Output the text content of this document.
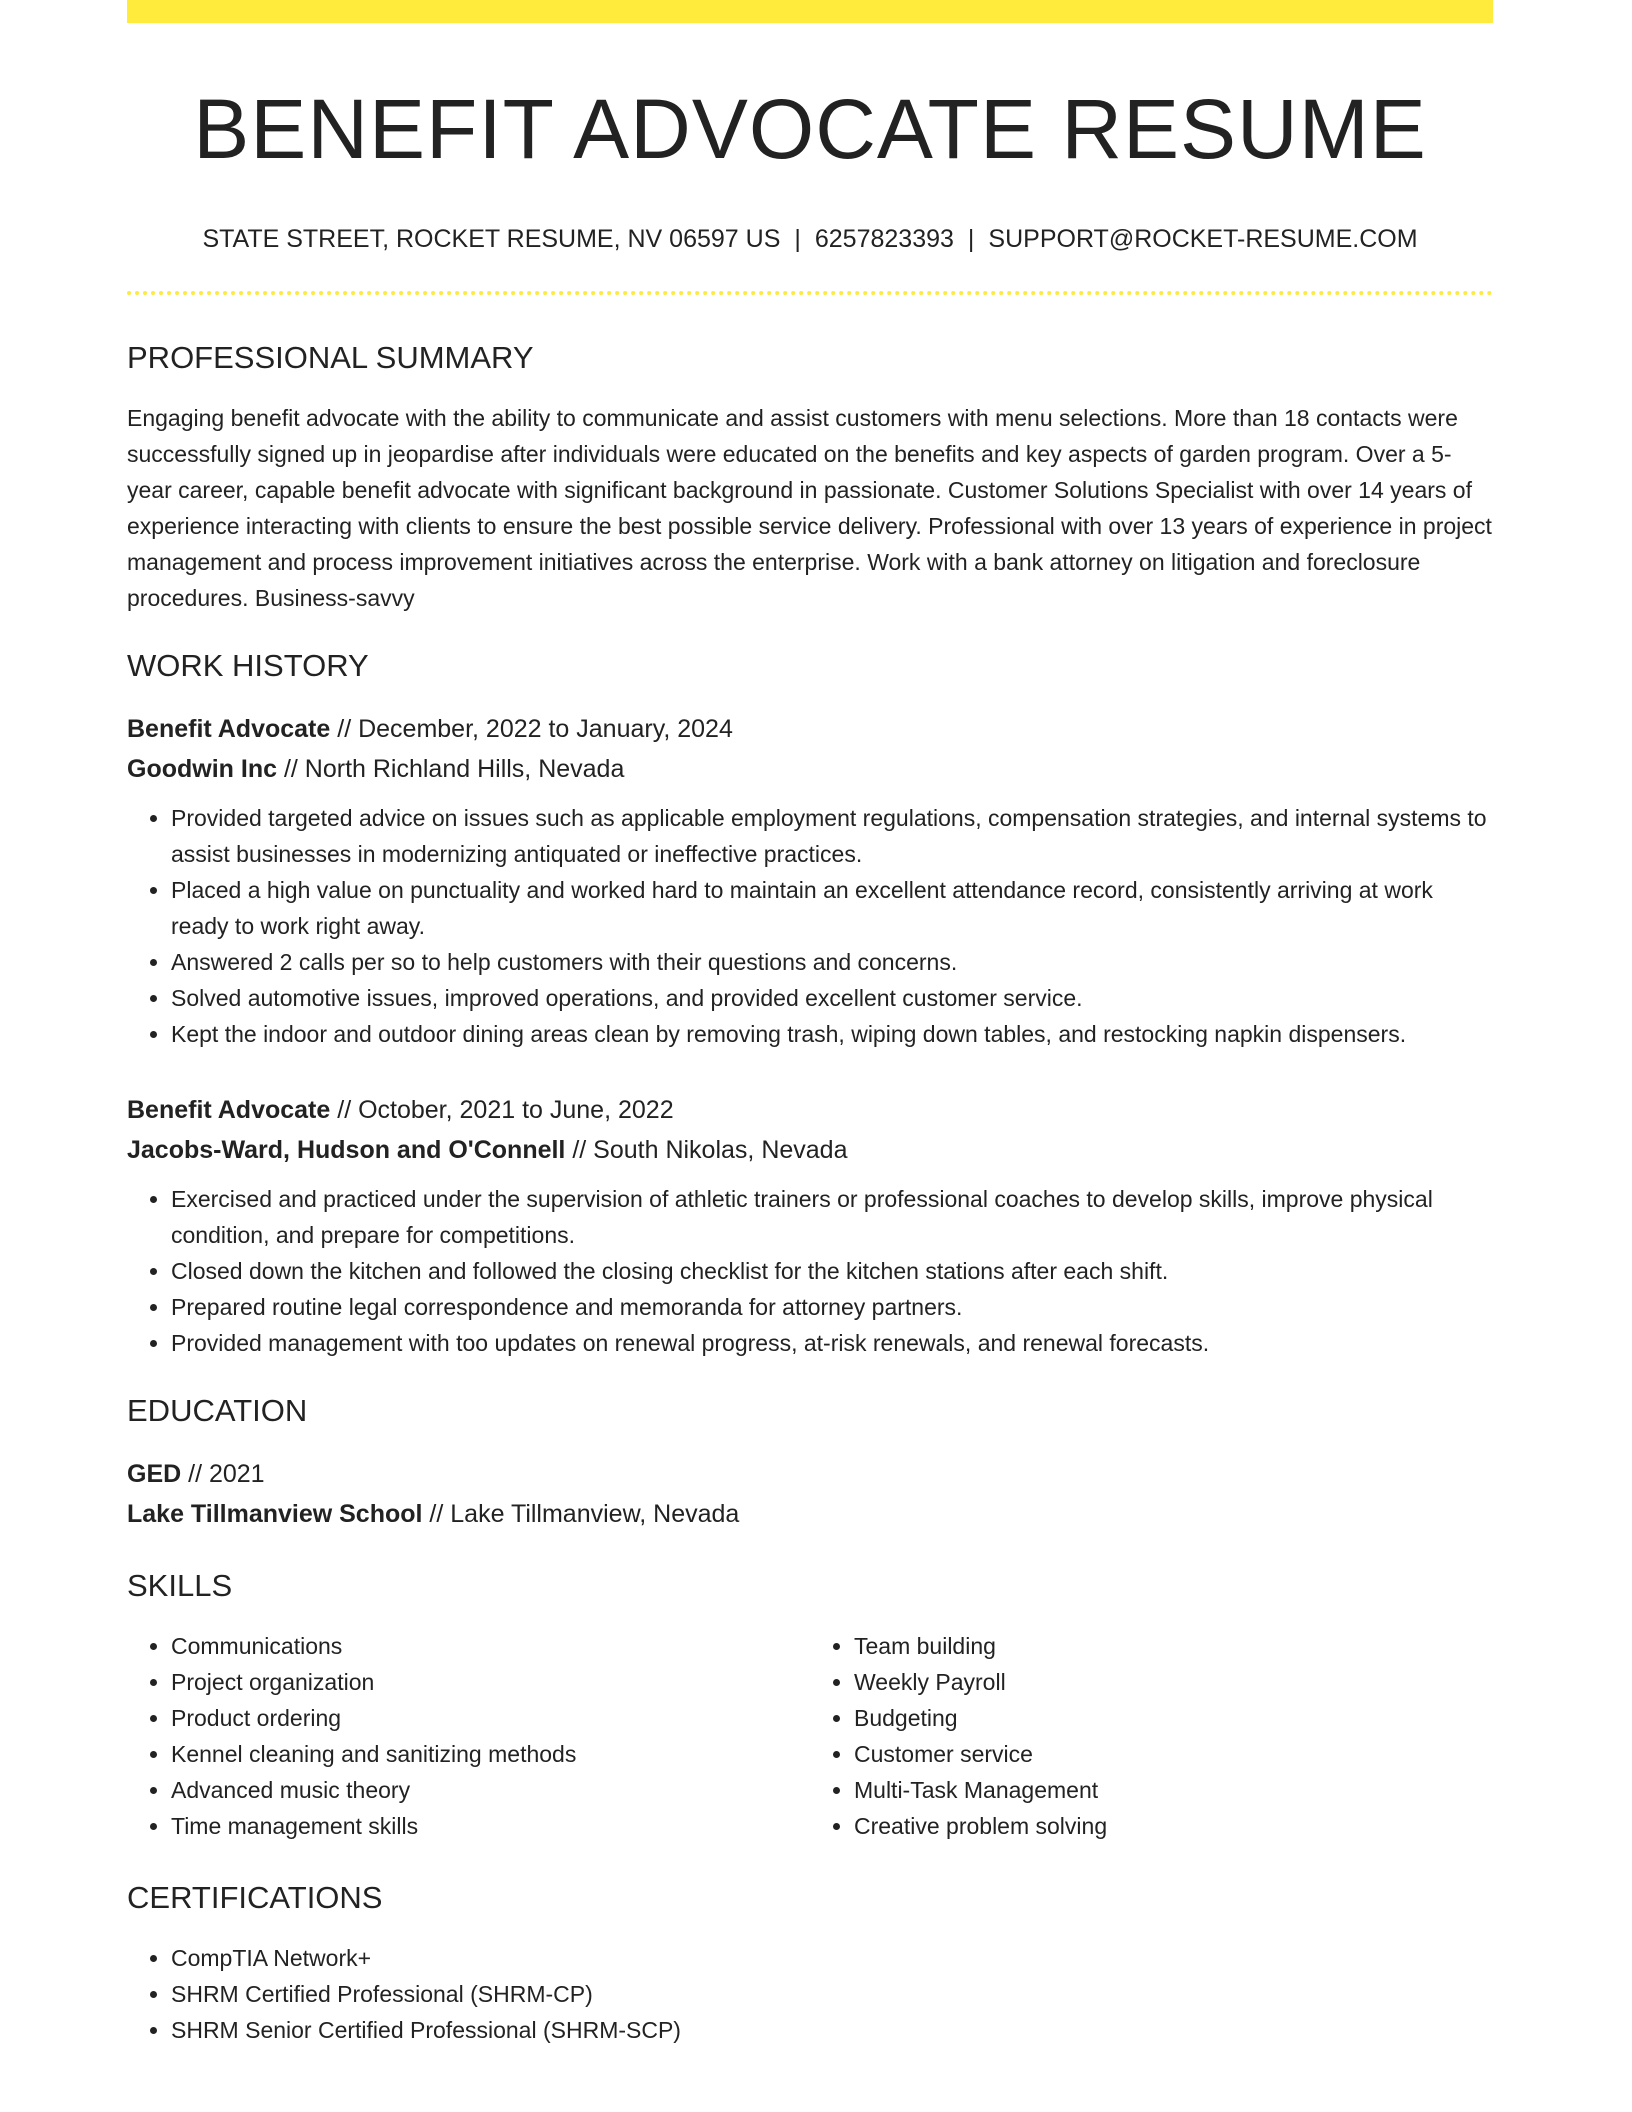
BENEFIT ADVOCATE RESUME
STATE STREET, ROCKET RESUME, NV 06597 US | 6257823393 | SUPPORT@ROCKET-RESUME.COM
PROFESSIONAL SUMMARY
Engaging benefit advocate with the ability to communicate and assist customers with menu selections. More than 18 contacts were successfully signed up in jeopardise after individuals were educated on the benefits and key aspects of garden program. Over a 5-year career, capable benefit advocate with significant background in passionate. Customer Solutions Specialist with over 14 years of experience interacting with clients to ensure the best possible service delivery. Professional with over 13 years of experience in project management and process improvement initiatives across the enterprise. Work with a bank attorney on litigation and foreclosure procedures. Business-savvy
WORK HISTORY
Benefit Advocate // December, 2022 to January, 2024
Goodwin Inc // North Richland Hills, Nevada
• Provided targeted advice on issues such as applicable employment regulations, compensation strategies, and internal systems to assist businesses in modernizing antiquated or ineffective practices.
• Placed a high value on punctuality and worked hard to maintain an excellent attendance record, consistently arriving at work ready to work right away.
• Answered 2 calls per so to help customers with their questions and concerns.
• Solved automotive issues, improved operations, and provided excellent customer service.
• Kept the indoor and outdoor dining areas clean by removing trash, wiping down tables, and restocking napkin dispensers.
Benefit Advocate // October, 2021 to June, 2022
Jacobs-Ward, Hudson and O'Connell // South Nikolas, Nevada
• Exercised and practiced under the supervision of athletic trainers or professional coaches to develop skills, improve physical condition, and prepare for competitions.
• Closed down the kitchen and followed the closing checklist for the kitchen stations after each shift.
• Prepared routine legal correspondence and memoranda for attorney partners.
• Provided management with too updates on renewal progress, at-risk renewals, and renewal forecasts.
EDUCATION
GED // 2021
Lake Tillmanview School // Lake Tillmanview, Nevada
SKILLS
• Communications
• Project organization
• Product ordering
• Kennel cleaning and sanitizing methods
• Advanced music theory
• Time management skills
• Team building
• Weekly Payroll
• Budgeting
• Customer service
• Multi-Task Management
• Creative problem solving
CERTIFICATIONS
• CompTIA Network+
• SHRM Certified Professional (SHRM-CP)
• SHRM Senior Certified Professional (SHRM-SCP)
